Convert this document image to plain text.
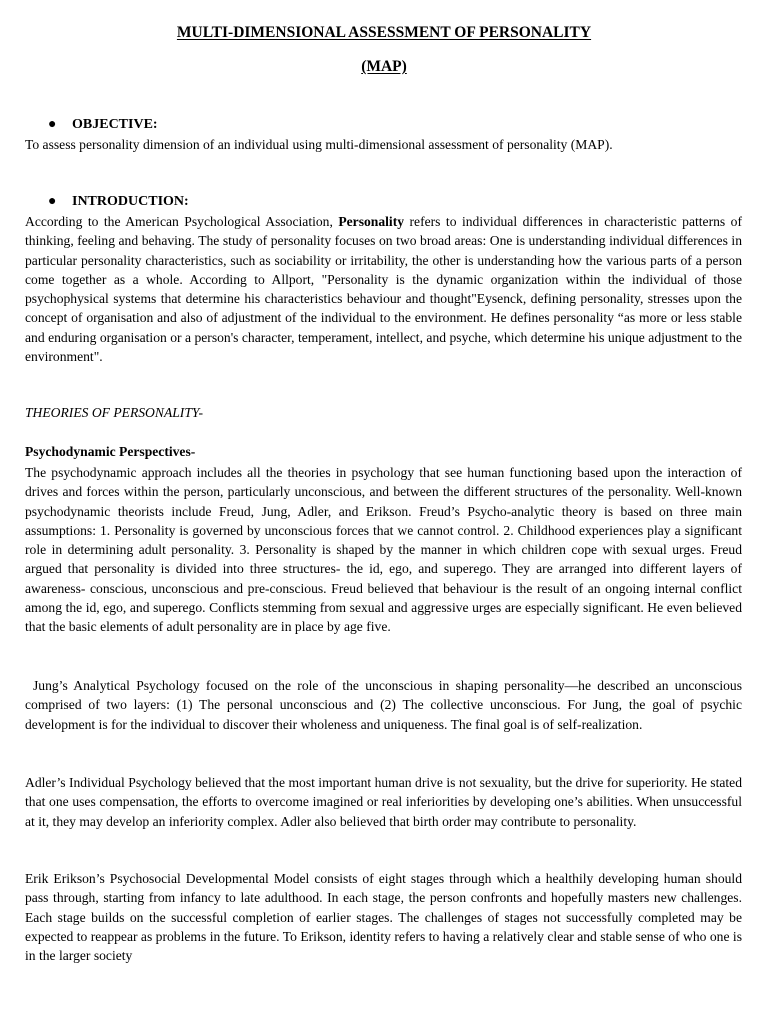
MULTI-DIMENSIONAL ASSESSMENT OF PERSONALITY
(MAP)
● OBJECTIVE:

To assess personality dimension of an individual using multi-dimensional assessment of personality (MAP).

● INTRODUCTION:

According to the American Psychological Association, Personality refers to individual differences in characteristic patterns of thinking, feeling and behaving. The study of personality focuses on two broad areas: One is understanding individual differences in particular personality characteristics, such as sociability or irritability, the other is understanding how the various parts of a person come together as a whole. According to Allport, "Personality is the dynamic organization within the individual of those psychophysical systems that determine his characteristics behaviour and thought"Eysenck, defining personality, stresses upon the concept of organisation and also of adjustment of the individual to the environment. He defines personality “as more or less stable and enduring organisation or a person's character, temperament, intellect, and psyche, which determine his unique adjustment to the environment".

THEORIES OF PERSONALITY-
Psychodynamic Perspectives-

The psychodynamic approach includes all the theories in psychology that see human functioning based upon the interaction of drives and forces within the person, particularly unconscious, and between the different structures of the personality. Well-known psychodynamic theorists include Freud, Jung, Adler, and Erikson. Freud’s Psycho-analytic theory is based on three main assumptions: 1. Personality is governed by unconscious forces that we cannot control. 2. Childhood experiences play a significant role in determining adult personality. 3. Personality is shaped by the manner in which children cope with sexual urges. Freud argued that personality is divided into three structures- the id, ego, and superego. They are arranged into different layers of awareness- conscious, unconscious and pre-conscious. Freud believed that behaviour is the result of an ongoing internal conflict among the id, ego, and superego. Conflicts stemming from sexual and aggressive urges are especially significant. He even believed that the basic elements of adult personality are in place by age five.

Jung’s Analytical Psychology focused on the role of the unconscious in shaping personality—he described an unconscious comprised of two layers: (1) The personal unconscious and (2) The collective unconscious. For Jung, the goal of psychic development is for the individual to discover their wholeness and uniqueness. The final goal is of self-realization.

Adler’s Individual Psychology believed that the most important human drive is not sexuality, but the drive for superiority. He stated that one uses compensation, the efforts to overcome imagined or real inferiorities by developing one’s abilities. When unsuccessful at it, they may develop an inferiority complex. Adler also believed that birth order may contribute to personality.

Erik Erikson’s Psychosocial Developmental Model consists of eight stages through which a healthily developing human should pass through, starting from infancy to late adulthood. In each stage, the person confronts and hopefully masters new challenges. Each stage builds on the successful completion of earlier stages. The challenges of stages not successfully completed may be expected to reappear as problems in the future. To Erikson, identity refers to having a relatively clear and stable sense of who one is in the larger society
